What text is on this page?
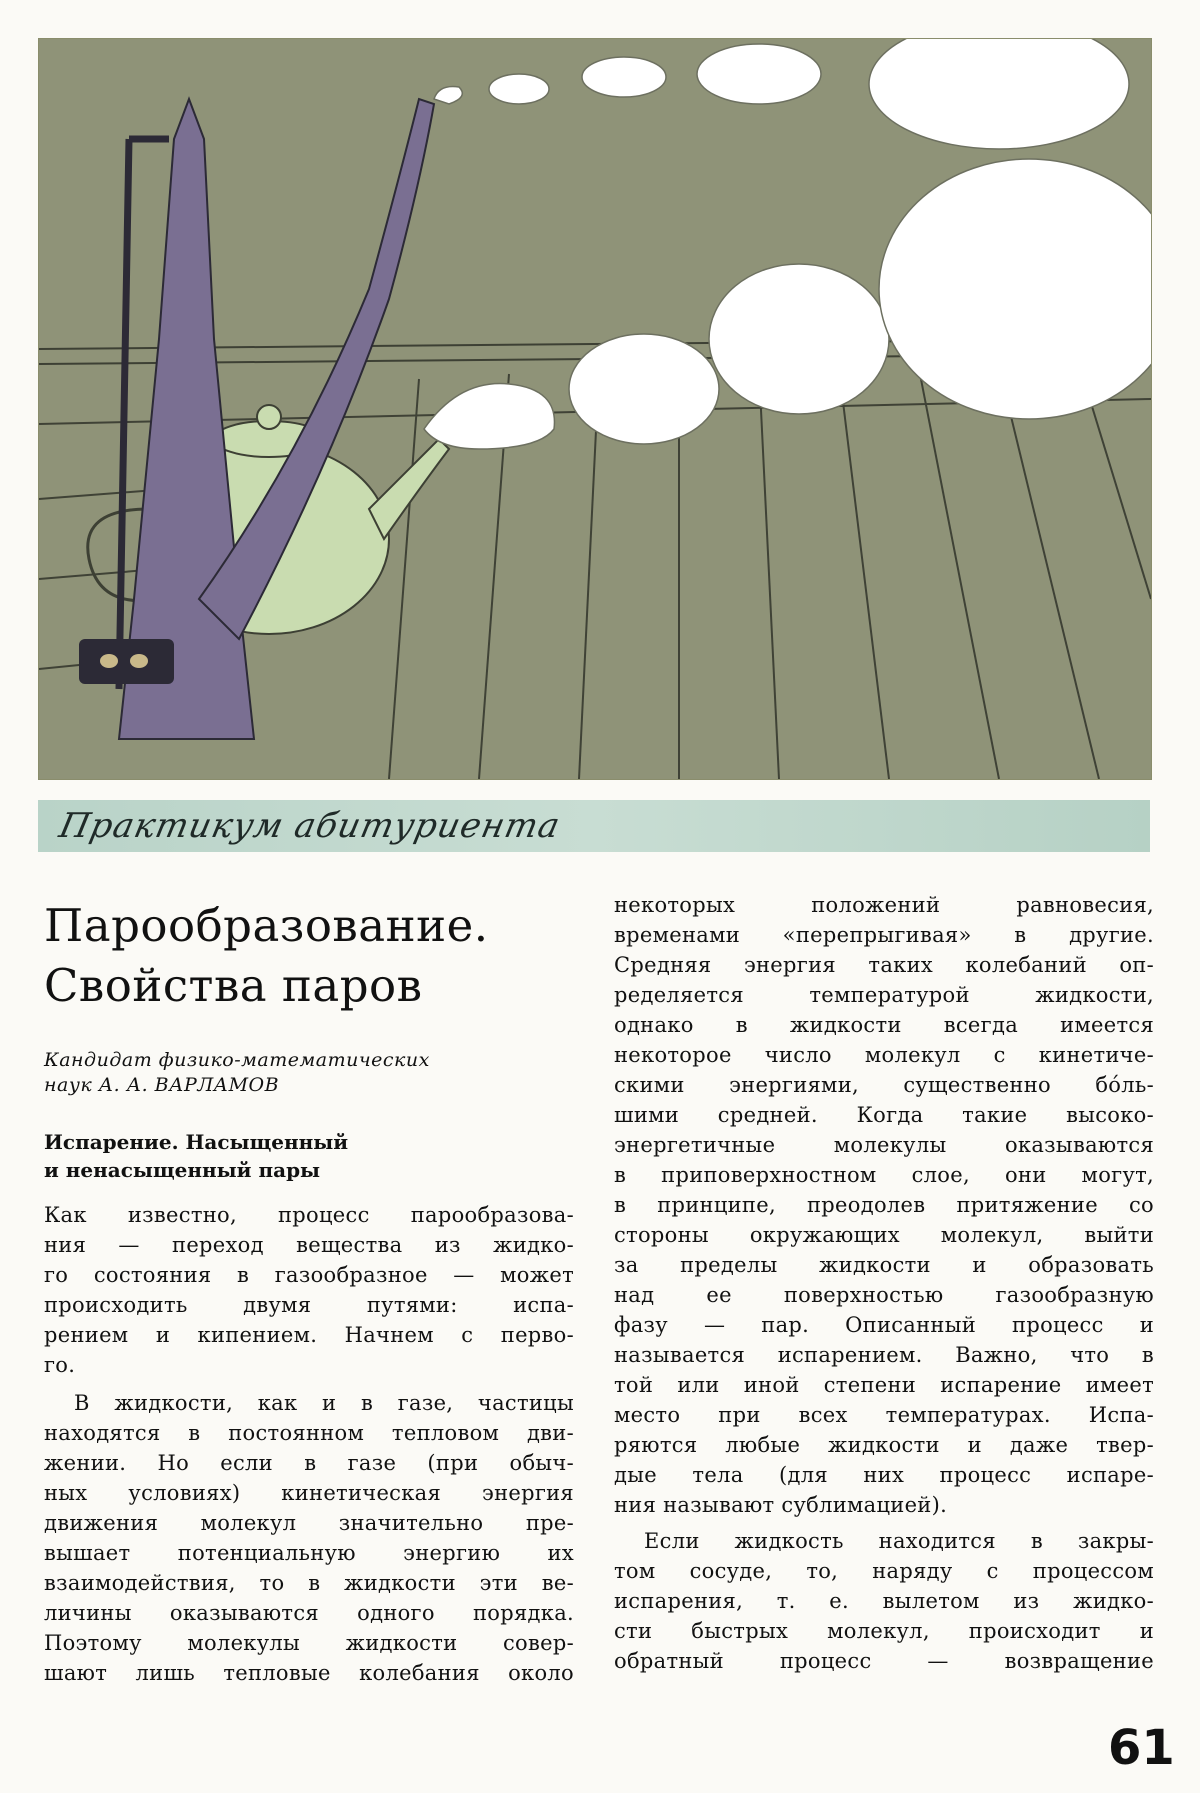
Практикум абитуриента
Парообразование.
Свойства паров
Кандидат физико-математических
наук А. А. ВАРЛАМОВ
Испарение. Насыщенный
и ненасыщенный пары
Как известно, процесс парообразова-
ния — переход вещества из жидко-
го состояния в газообразное — может
происходить двумя путями: испа-
рением и кипением. Начнем с перво-
го.
В жидкости, как и в газе, частицы
находятся в постоянном тепловом дви-
жении. Но если в газе (при обыч-
ных условиях) кинетическая энергия
движения молекул значительно пре-
вышает потенциальную энергию их
взаимодействия, то в жидкости эти ве-
личины оказываются одного порядка.
Поэтому молекулы жидкости совер-
шают лишь тепловые колебания около
некоторых положений равновесия,
временами «перепрыгивая» в другие.
Средняя энергия таких колебаний оп-
ределяется температурой жидкости,
однако в жидкости всегда имеется
некоторое число молекул с кинетиче-
скими энергиями, существенно бóль-
шими средней. Когда такие высоко-
энергетичные молекулы оказываются
в приповерхностном слое, они могут,
в принципе, преодолев притяжение со
стороны окружающих молекул, выйти
за пределы жидкости и образовать
над ее поверхностью газообразную
фазу — пар. Описанный процесс и
называется испарением. Важно, что в
той или иной степени испарение имеет
место при всех температурах. Испа-
ряются любые жидкости и даже твер-
дые тела (для них процесс испаре-
ния называют сублимацией).
Если жидкость находится в закры-
том сосуде, то, наряду с процессом
испарения, т. е. вылетом из жидко-
сти быстрых молекул, происходит и
обратный процесс — возвращение
61
